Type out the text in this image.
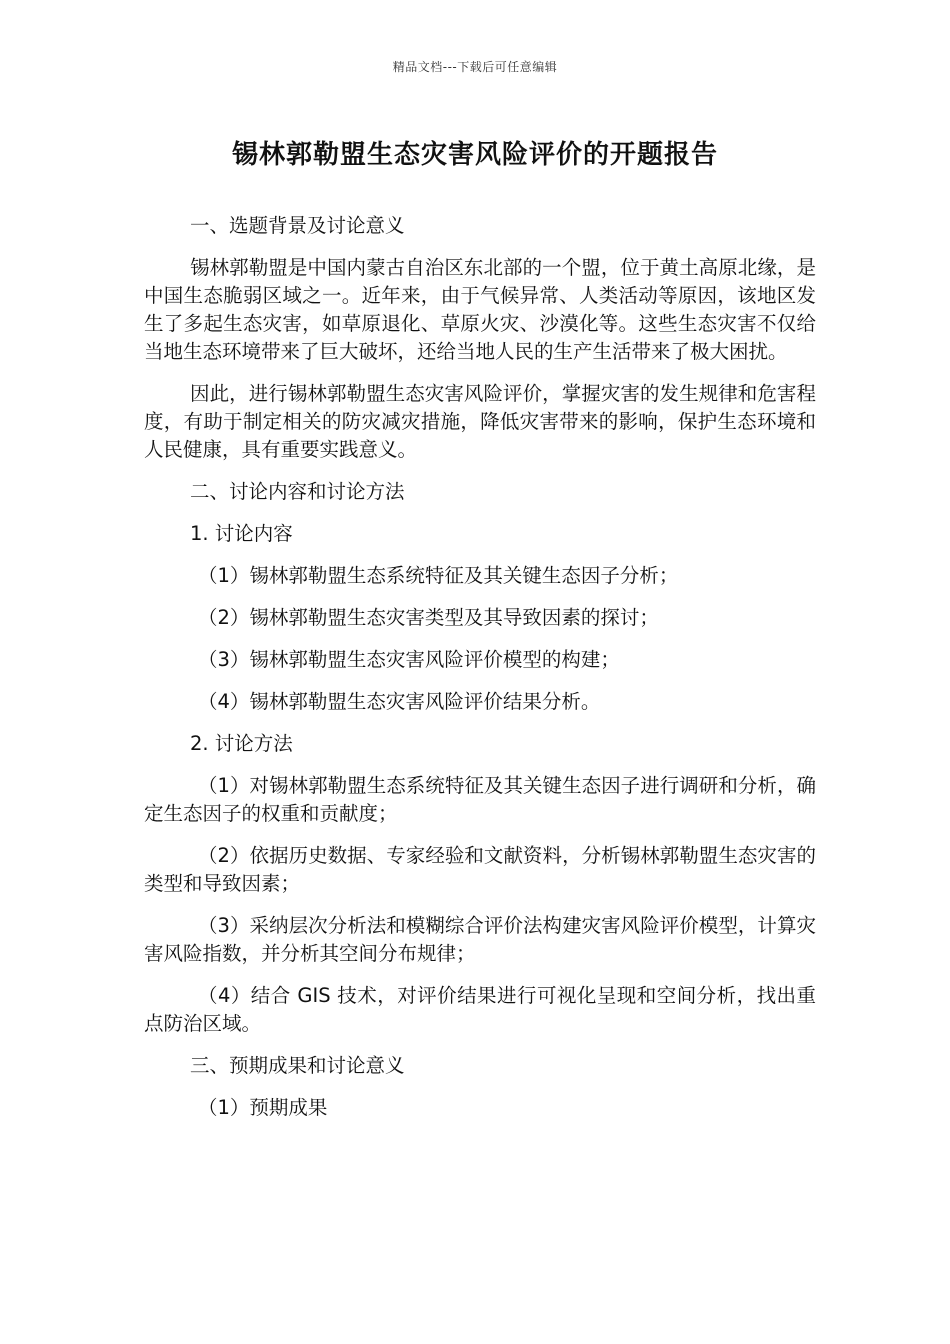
精品文档---下载后可任意编辑
锡林郭勒盟生态灾害风险评价的开题报告

一、选题背景及讨论意义

锡林郭勒盟是中国内蒙古自治区东北部的一个盟，位于黄土高原北缘，是中国生态脆弱区域之一。近年来，由于气候异常、人类活动等原因，该地区发生了多起生态灾害，如草原退化、草原火灾、沙漠化等。这些生态灾害不仅给当地生态环境带来了巨大破坏，还给当地人民的生产生活带来了极大困扰。

因此，进行锡林郭勒盟生态灾害风险评价，掌握灾害的发生规律和危害程度，有助于制定相关的防灾减灾措施，降低灾害带来的影响，保护生态环境和人民健康，具有重要实践意义。

二、讨论内容和讨论方法

1. 讨论内容

（1）锡林郭勒盟生态系统特征及其关键生态因子分析；

（2）锡林郭勒盟生态灾害类型及其导致因素的探讨；

（3）锡林郭勒盟生态灾害风险评价模型的构建；

（4）锡林郭勒盟生态灾害风险评价结果分析。

2. 讨论方法

（1）对锡林郭勒盟生态系统特征及其关键生态因子进行调研和分析，确定生态因子的权重和贡献度；

（2）依据历史数据、专家经验和文献资料，分析锡林郭勒盟生态灾害的类型和导致因素；

（3）采纳层次分析法和模糊综合评价法构建灾害风险评价模型，计算灾害风险指数，并分析其空间分布规律；

（4）结合 GIS 技术，对评价结果进行可视化呈现和空间分析，找出重点防治区域。

三、预期成果和讨论意义

（1）预期成果
